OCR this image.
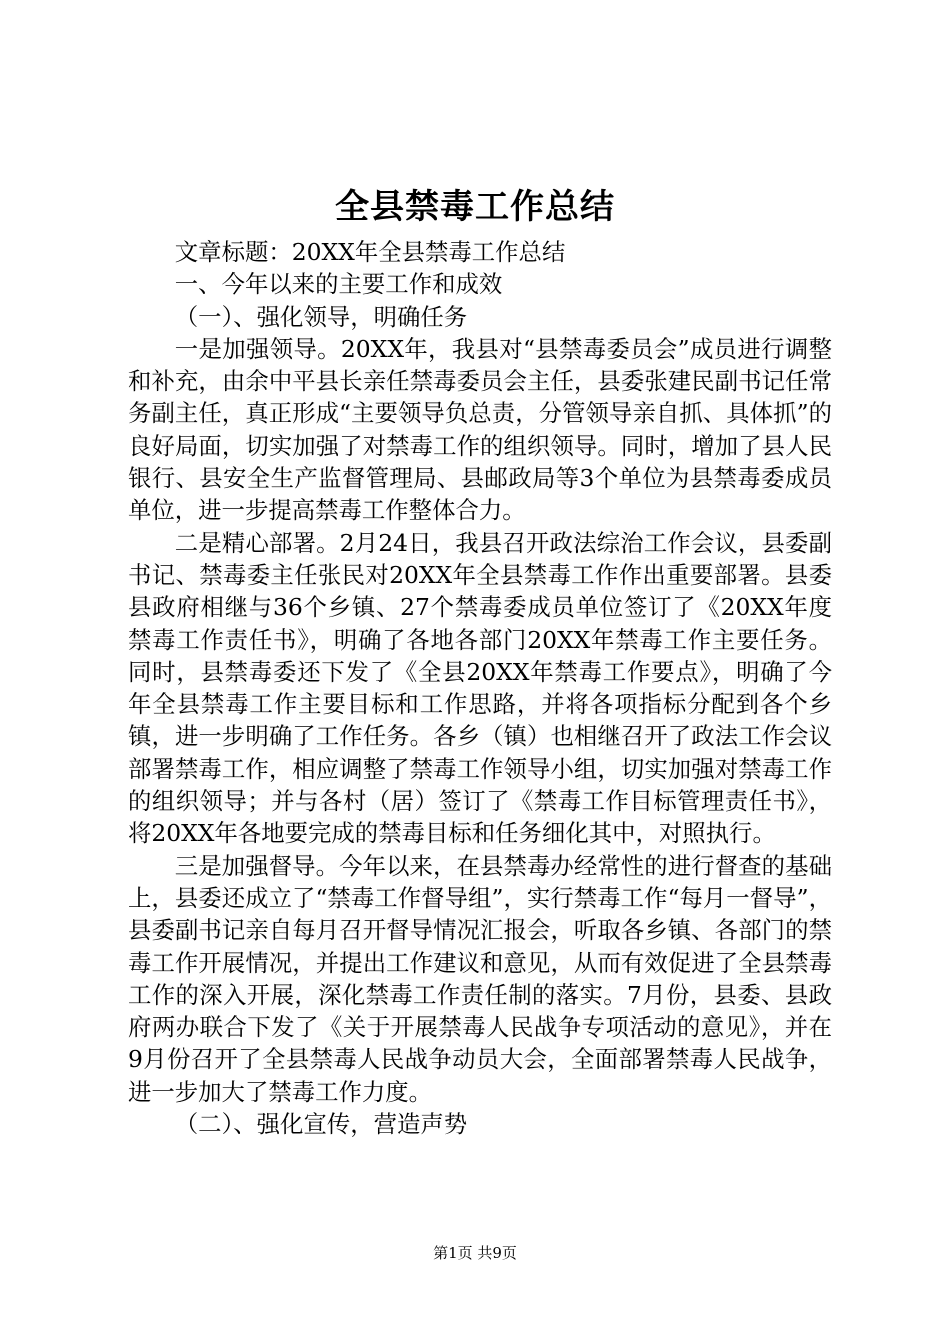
全县禁毒工作总结

文章标题：20XX年全县禁毒工作总结

一、今年以来的主要工作和成效

（一）、强化领导，明确任务

一是加强领导。20XX年，我县对“县禁毒委员会”成员进行调整和补充，由余中平县长亲任禁毒委员会主任，县委张建民副书记任常务副主任，真正形成“主要领导负总责，分管领导亲自抓、具体抓”的良好局面，切实加强了对禁毒工作的组织领导。同时，增加了县人民银行、县安全生产监督管理局、县邮政局等3个单位为县禁毒委成员单位，进一步提高禁毒工作整体合力。

二是精心部署。2月24日，我县召开政法综治工作会议，县委副书记、禁毒委主任张民对20XX年全县禁毒工作作出重要部署。县委县政府相继与36个乡镇、27个禁毒委成员单位签订了《20XX年度禁毒工作责任书》，明确了各地各部门20XX年禁毒工作主要任务。同时，县禁毒委还下发了《全县20XX年禁毒工作要点》，明确了今年全县禁毒工作主要目标和工作思路，并将各项指标分配到各个乡镇，进一步明确了工作任务。各乡（镇）也相继召开了政法工作会议部署禁毒工作，相应调整了禁毒工作领导小组，切实加强对禁毒工作的组织领导；并与各村（居）签订了《禁毒工作目标管理责任书》，将20XX年各地要完成的禁毒目标和任务细化其中，对照执行。

三是加强督导。今年以来，在县禁毒办经常性的进行督查的基础上，县委还成立了“禁毒工作督导组”，实行禁毒工作“每月一督导”，县委副书记亲自每月召开督导情况汇报会，听取各乡镇、各部门的禁毒工作开展情况，并提出工作建议和意见，从而有效促进了全县禁毒工作的深入开展，深化禁毒工作责任制的落实。7月份，县委、县政府两办联合下发了《关于开展禁毒人民战争专项活动的意见》，并在9月份召开了全县禁毒人民战争动员大会，全面部署禁毒人民战争，进一步加大了禁毒工作力度。

（二）、强化宣传，营造声势

第1页 共9页
